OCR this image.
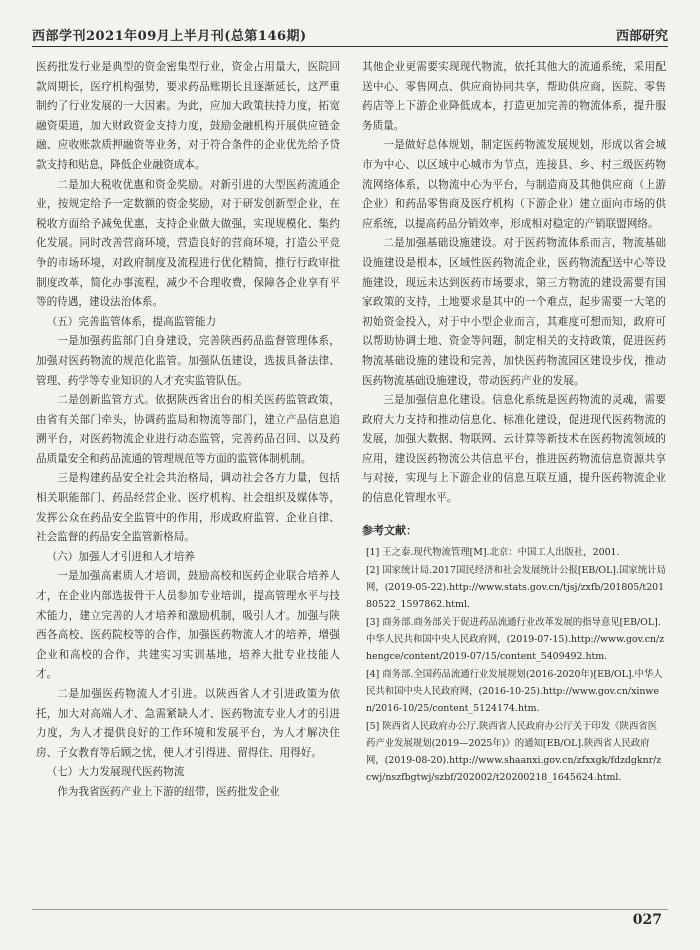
西部学刊2021年09月上半月刊(总第146期)	西部研究

医药批发行业是典型的资金密集型行业，资金占用量大，医院回款周期长，医疗机构强势，要求药品账期长且逐渐延长，这严重制约了行业发展的一大因素。为此，应加大政策扶持力度，拓宽融资渠道，加大财政资金支持力度，鼓励金融机构开展供应链金融、应收账款质押融资等业务，对于符合条件的企业优先给予贷款支持和贴息，降低企业融资成本。

二是加大税收优惠和资金奖励。对新引进的大型医药流通企业，按规定给予一定数额的资金奖励，对于研发创新型企业，在税收方面给予减免优惠，支持企业做大做强，实现规模化、集约化发展。同时改善营商环境，营造良好的营商环境，打造公平竞争的市场环境，对政府制度及流程进行优化精简，推行行政审批制度改革，简化办事流程，减少不合理收费，保障各企业享有平等的待遇，建设法治体系。

（五）完善监管体系，提高监管能力

一是加强药监部门自身建设，完善陕西药品监督管理体系，加强对医药物流的规范化监管。加强队伍建设，选拔具备法律、管理、药学等专业知识的人才充实监管队伍。

二是创新监管方式。依据陕西省出台的相关医药监管政策，由省有关部门牵头，协调药监局和物流等部门，建立产品信息追溯平台，对医药物流企业进行动态监管，完善药品召回、以及药品质量安全和药品流通的管理规范等方面的监管体制机制。

三是构建药品安全社会共治格局，调动社会各方力量，包括相关职能部门、药品经营企业、医疗机构、社会组织及媒体等，发挥公众在药品安全监管中的作用，形成政府监管、企业自律、社会监督的药品安全监管新格局。

（六）加强人才引进和人才培养

一是加强高素质人才培训，鼓励高校和医药企业联合培养人才，在企业内部选拔骨干人员参加专业培训，提高管理水平与技术能力，建立完善的人才培养和激励机制，吸引人才。加强与陕西各高校、医药院校等的合作，加强医药物流人才的培养，增强企业和高校的合作，共建实习实训基地，培养大批专业技能人才。

二是加强医药物流人才引进。以陕西省人才引进政策为依托，加大对高端人才、急需紧缺人才、医药物流专业人才的引进力度，为人才提供良好的工作环境和发展平台，为人才解决住房、子女教育等后顾之忧，使人才引得进、留得住、用得好。

（七）大力发展现代医药物流

作为我省医药产业上下游的纽带，医药批发企业

其他企业更需要实现现代物流，依托其他大的流通系统，采用配送中心、零售网点、供应商协同共享，帮助供应商，医院、零售药店等上下游企业降低成本，打造更加完善的物流体系，提升服务质量。

一是做好总体规划，制定医药物流发展规划，形成以省会城市为中心、以区域中心城市为节点，连接县、乡、村三级医药物流网络体系，以物流中心为平台，与制造商及其他供应商（上游企业）和药品零售商及医疗机构（下游企业）建立面向市场的供应系统，以提高药品分销效率，形成相对稳定的产销联盟网络。

二是加强基础设施建设。对于医药物流体系而言，物流基础设施建设是根本，区域性医药物流企业，医药物流配送中心等设施建设，现远未达到医药市场要求，第三方物流的建设需要有国家政策的支持，土地要求是其中的一个难点，起步需要一大笔的初始资金投入，对于中小型企业而言，其难度可想而知，政府可以帮助协调土地、资金等问题，制定相关的支持政策，促进医药物流基础设施的建设和完善，加快医药物流园区建设步伐，推动医药物流基础设施建设，带动医药产业的发展。

三是加强信息化建设。信息化系统是医药物流的灵魂，需要政府大力支持和推动信息化、标准化建设，促进现代医药物流的发展，加强大数据、物联网、云计算等新技术在医药物流领域的应用，建设医药物流公共信息平台，推进医药物流信息资源共享与对接，实现与上下游企业的信息互联互通，提升医药物流企业的信息化管理水平。

参考文献：
[1] 王之泰.现代物流管理[M].北京：中国工人出版社，2001.
[2] 国家统计局.2017国民经济和社会发展统计公报[EB/OL].国家统计局网，(2019-05-22).http://www.stats.gov.cn/tjsj/zxfb/201805/t20180522_1597862.html.
[3] 商务部.商务部关于促进药品流通行业改革发展的指导意见[EB/OL].中华人民共和国中央人民政府网，(2019-07-15).http://www.gov.cn/zhengce/content/2019-07/15/content_5409492.htm.
[4] 商务部.全国药品流通行业发展规划(2016-2020年)[EB/OL].中华人民共和国中央人民政府网，(2016-10-25).http://www.gov.cn/xinwen/2016-10/25/content_5124174.htm.
[5] 陕西省人民政府办公厅.陕西省人民政府办公厅关于印发《陕西省医药产业发展规划(2019—2025年)》的通知[EB/OL].陕西省人民政府网，(2019-08-20).http://www.shaanxi.gov.cn/zfxxgk/fdzdgknr/zcwj/nszfbgtwj/szbf/202002/t20200218_1645624.html.
027
